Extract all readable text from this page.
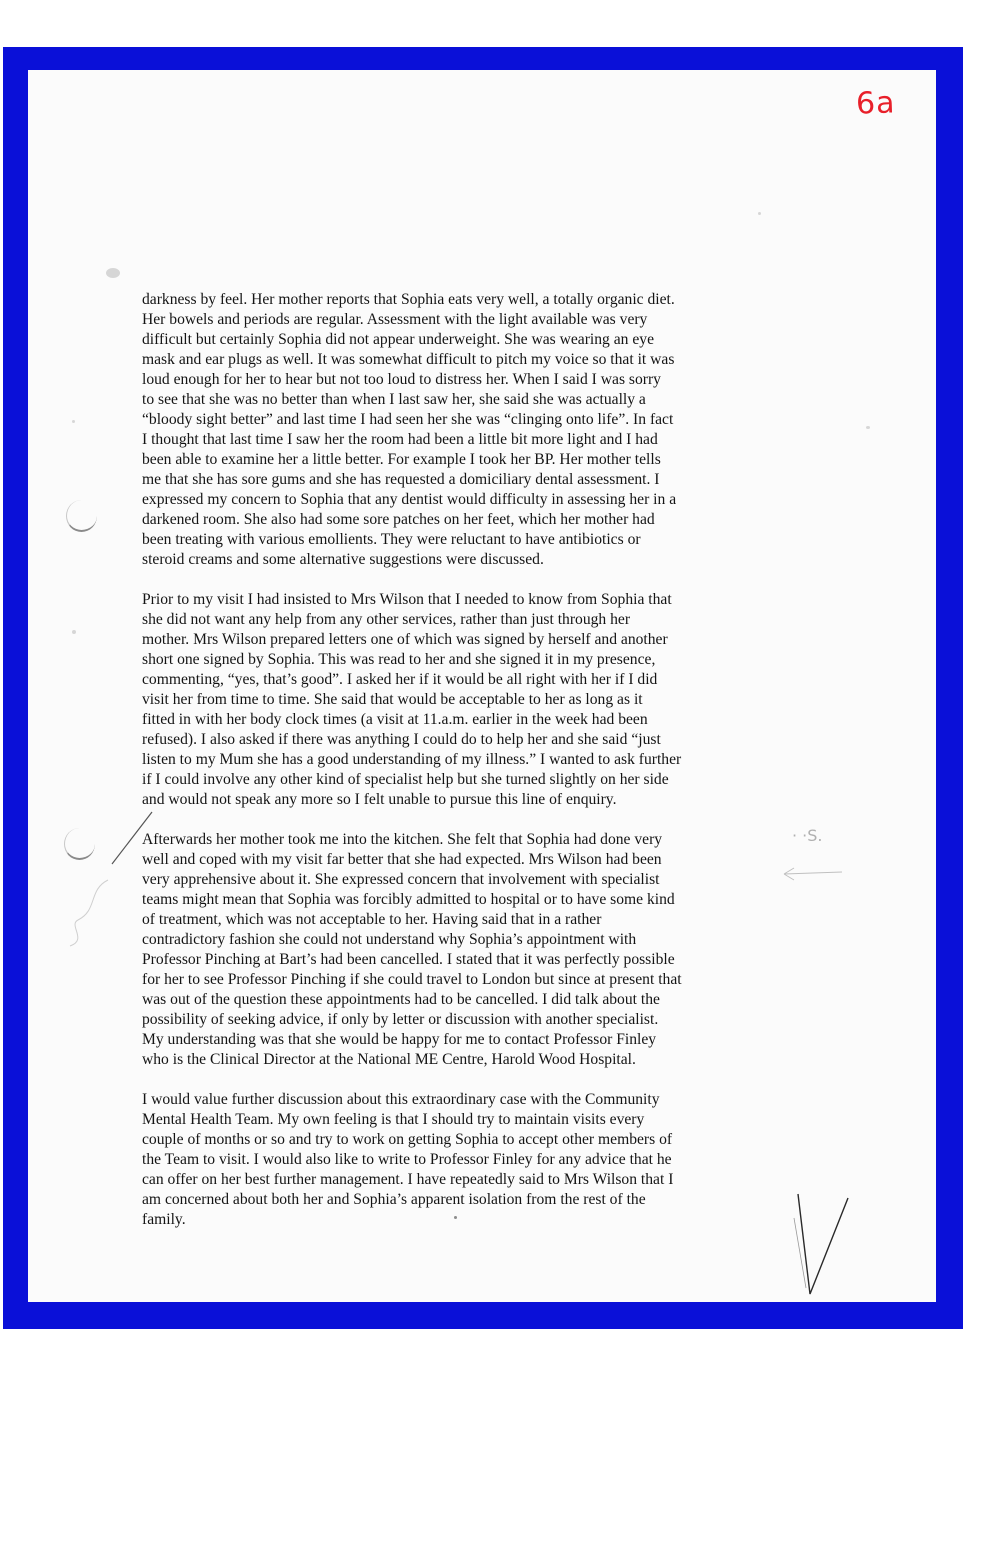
· ·S.
6a

darkness by feel. Her mother reports that Sophia eats very well, a totally organic diet.
Her bowels and periods are regular. Assessment with the light available was very
difficult but certainly Sophia did not appear underweight. She was wearing an eye
mask and ear plugs as well. It was somewhat difficult to pitch my voice so that it was
loud enough for her to hear but not too loud to distress her. When I said I was sorry
to see that she was no better than when I last saw her, she said she was actually a
“bloody sight better” and last time I had seen her she was “clinging onto life”. In fact
I thought that last time I saw her the room had been a little bit more light and I had
been able to examine her a little better. For example I took her BP. Her mother tells
me that she has sore gums and she has requested a domiciliary dental assessment. I
expressed my concern to Sophia that any dentist would difficulty in assessing her in a
darkened room. She also had some sore patches on her feet, which her mother had
been treating with various emollients. They were reluctant to have antibiotics or
steroid creams and some alternative suggestions were discussed.

Prior to my visit I had insisted to Mrs Wilson that I needed to know from Sophia that
she did not want any help from any other services, rather than just through her
mother. Mrs Wilson prepared letters one of which was signed by herself and another
short one signed by Sophia. This was read to her and she signed it in my presence,
commenting, “yes, that’s good”. I asked her if it would be all right with her if I did
visit her from time to time. She said that would be acceptable to her as long as it
fitted in with her body clock times (a visit at 11.a.m. earlier in the week had been
refused). I also asked if there was anything I could do to help her and she said “just
listen to my Mum she has a good understanding of my illness.” I wanted to ask further
if I could involve any other kind of specialist help but she turned slightly on her side
and would not speak any more so I felt unable to pursue this line of enquiry.

Afterwards her mother took me into the kitchen. She felt that Sophia had done very
well and coped with my visit far better that she had expected. Mrs Wilson had been
very apprehensive about it. She expressed concern that involvement with specialist
teams might mean that Sophia was forcibly admitted to hospital or to have some kind
of treatment, which was not acceptable to her. Having said that in a rather
contradictory fashion she could not understand why Sophia’s appointment with
Professor Pinching at Bart’s had been cancelled. I stated that it was perfectly possible
for her to see Professor Pinching if she could travel to London but since at present that
was out of the question these appointments had to be cancelled. I did talk about the
possibility of seeking advice, if only by letter or discussion with another specialist.
My understanding was that she would be happy for me to contact Professor Finley
who is the Clinical Director at the National ME Centre, Harold Wood Hospital.

I would value further discussion about this extraordinary case with the Community
Mental Health Team. My own feeling is that I should try to maintain visits every
couple of months or so and try to work on getting Sophia to accept other members of
the Team to visit. I would also like to write to Professor Finley for any advice that he
can offer on her best further management. I have repeatedly said to Mrs Wilson that I
am concerned about both her and Sophia’s apparent isolation from the rest of the
family.
